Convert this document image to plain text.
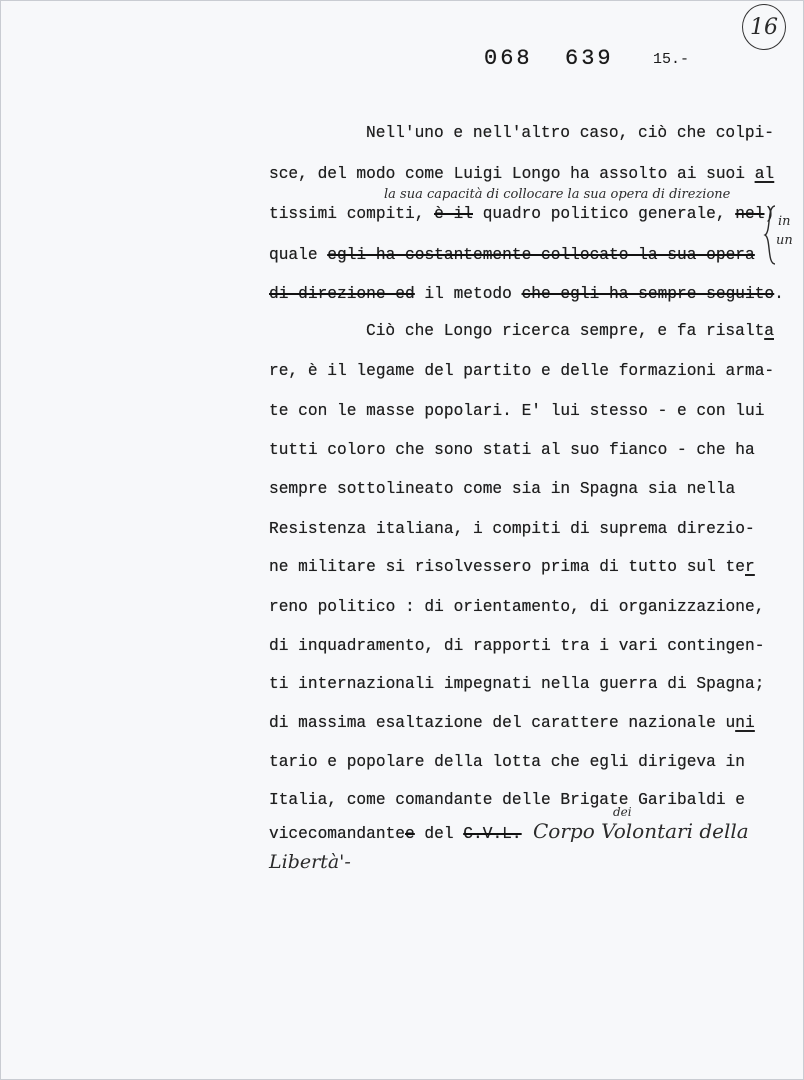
16
068  639	15.-
Nell'uno e nell'altro caso, ciò che colpi-
sce, del modo come Luigi Longo ha assolto ai suoi al
la sua capacità di collocare la sua opera di direzione
tissimi compiti, è il quadro politico generale, nel) in
un
quale egli ha costantemente collocato la sua opera
di direzione ed il metodo che egli ha sempre seguito.
Ciò che Longo ricerca sempre, e fa risalta
re, è il legame del partito e delle formazioni arma-
te con le masse popolari. E' lui stesso - e con lui
tutti coloro che sono stati al suo fianco - che ha
sempre sottolineato come sia in Spagna sia nella
Resistenza italiana, i compiti di suprema direzio-
ne militare si risolvessero prima di tutto sul ter
reno politico : di orientamento, di organizzazione,
di inquadramento, di rapporti tra i vari contingen-
ti internazionali impegnati nella guerra di Spagna;
di massima esaltazione del carattere nazionale uni
tario e popolare della lotta che egli dirigeva in
Italia, come comandante delle Brigate Garibaldi e
vicecomandantee del C.V.L.
dei
Corpo Volontari della
Libertà'-
